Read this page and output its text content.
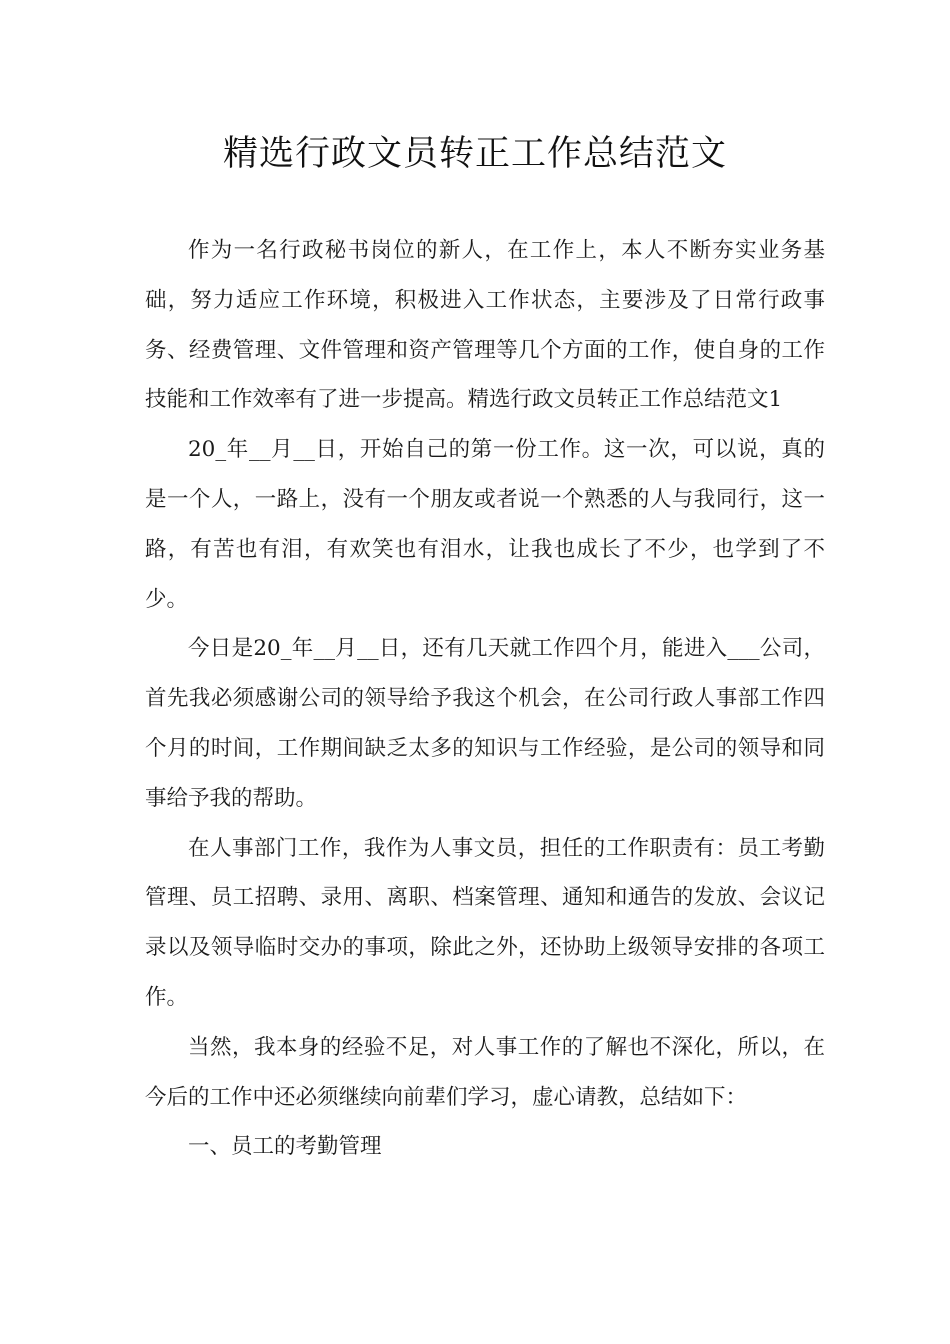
精选行政文员转正工作总结范文

作为一名行政秘书岗位的新人，在工作上，本人不断夯实业务基础，努力适应工作环境，积极进入工作状态，主要涉及了日常行政事务、经费管理、文件管理和资产管理等几个方面的工作，使自身的工作技能和工作效率有了进一步提高。精选行政文员转正工作总结范文1

20_年__月__日，开始自己的第一份工作。这一次，可以说，真的是一个人，一路上，没有一个朋友或者说一个熟悉的人与我同行，这一路，有苦也有泪，有欢笑也有泪水，让我也成长了不少，也学到了不少。

今日是20_年__月__日，还有几天就工作四个月，能进入___公司，首先我必须感谢公司的领导给予我这个机会，在公司行政人事部工作四个月的时间，工作期间缺乏太多的知识与工作经验，是公司的领导和同事给予我的帮助。

在人事部门工作，我作为人事文员，担任的工作职责有：员工考勤管理、员工招聘、录用、离职、档案管理、通知和通告的发放、会议记录以及领导临时交办的事项，除此之外，还协助上级领导安排的各项工作。

当然，我本身的经验不足，对人事工作的了解也不深化，所以，在今后的工作中还必须继续向前辈们学习，虚心请教，总结如下：

一、员工的考勤管理
